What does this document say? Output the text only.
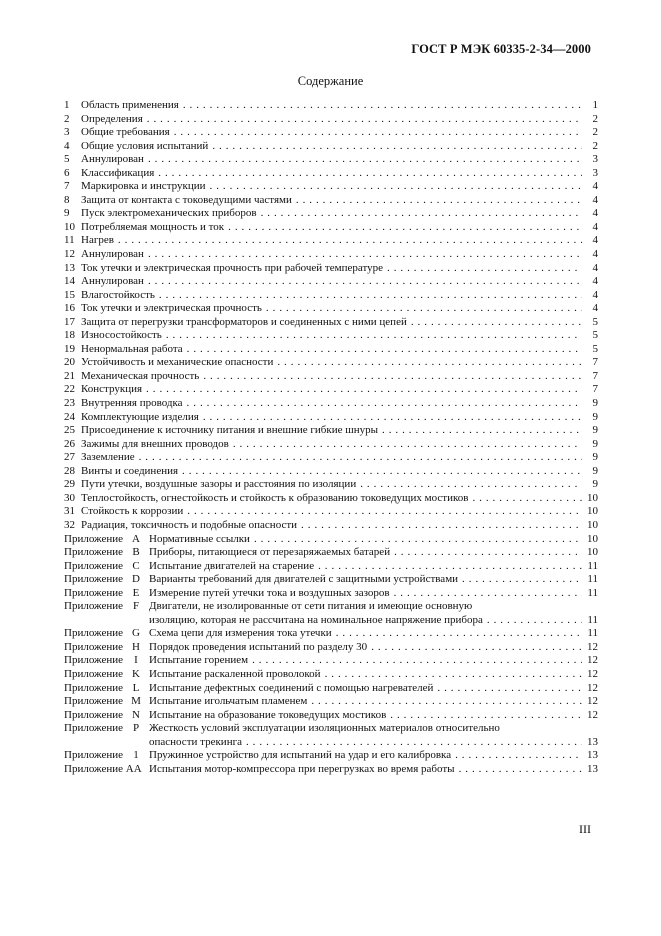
ГОСТ Р МЭК 60335-2-34—2000
Содержание
1	Область применения . . .	1
2	Определения . . .	2
3	Общие требования . . .	2
4	Общие условия испытаний . . .	2
5	Аннулирован . . .	3
6	Классификация . . .	3
7	Маркировка и инструкции . . .	4
8	Защита от контакта с токоведущими частями . . .	4
9	Пуск электромеханических приборов . . .	4
10 Потребляемая мощность и ток . . .	4
11 Нагрев . . .	4
12 Аннулирован . . .	4
13 Ток утечки и электрическая прочность при рабочей температуре . . .	4
14 Аннулирован . . .	4
15 Влагостойкость . . .	4
16 Ток утечки и электрическая прочность . . .	4
17 Защита от перегрузки трансформаторов и соединенных с ними цепей . . .	5
18 Износостойкость . . .	5
19 Ненормальная работа . . .	5
20 Устойчивость и механические опасности . . .	7
21 Механическая прочность . . .	7
22 Конструкция . . .	7
23 Внутренняя проводка . . .	9
24 Комплектующие изделия . . .	9
25 Присоединение к источнику питания и внешние гибкие шнуры . . .	9
26 Зажимы для внешних проводов . . .	9
27 Заземление . . .	9
28 Винты и соединения . . .	9
29 Пути утечки, воздушные зазоры и расстояния по изоляции . . .	9
30 Теплостойкость, огнестойкость и стойкость к образованию токоведущих мостиков . . .	10
31 Стойкость к коррозии . . .	10
32 Радиация, токсичность и подобные опасности . . .	10
Приложение A Нормативные ссылки . . .	10
Приложение B Приборы, питающиеся от перезаряжаемых батарей . . .	10
Приложение C Испытание двигателей на старение . . .	11
Приложение D Варианты требований для двигателей с защитными устройствами . . .	11
Приложение E Измерение путей утечки тока и воздушных зазоров . . .	11
Приложение F Двигатели, не изолированные от сети питания и имеющие основную
изоляцию, которая не рассчитана на номинальное напряжение прибора . . .	11
Приложение G Схема цепи для измерения тока утечки . . .	11
Приложение H Порядок проведения испытаний по разделу 30 . . .	12
Приложение	I	Испытание горением . . .	12
Приложение K Испытание раскаленной проволокой . . .	12
Приложение L Испытание дефектных соединений с помощью нагревателей . . .	12
Приложение M Испытание игольчатым пламенем . . .	12
Приложение N Испытание на образование токоведущих мостиков . . .	12
Приложение P Жесткость условий эксплуатации изоляционных материалов относительно
опасности трекинга . . .	13
Приложение 1 Пружинное устройство для испытаний на удар и его калибровка . . .	13
Приложение АА Испытания мотор-компрессора при перегрузках во время работы . . .	13
III
